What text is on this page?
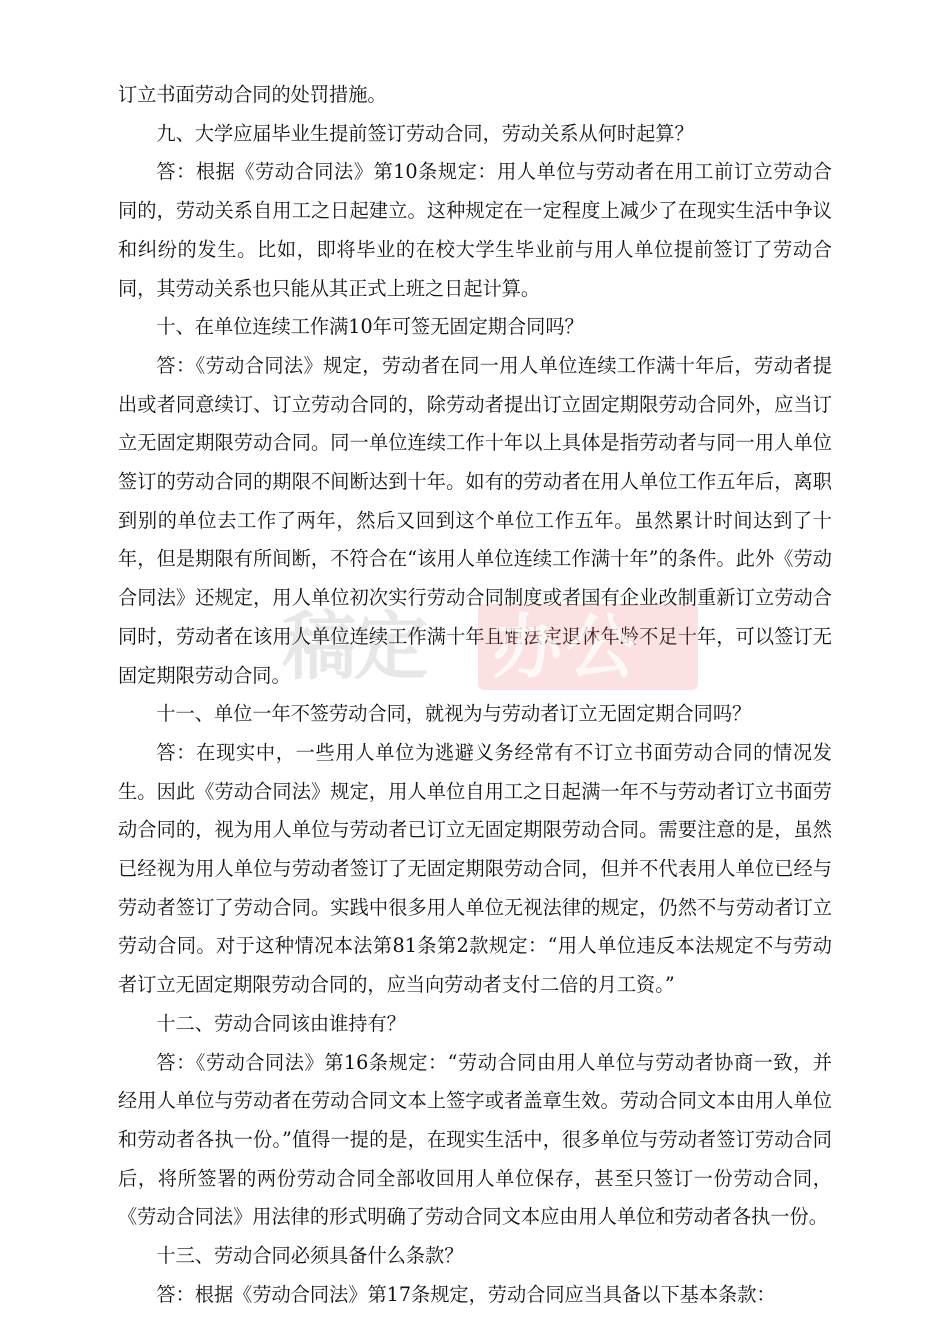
订立书面劳动合同的处罚措施。

九、大学应届毕业生提前签订劳动合同，劳动关系从何时起算？

答：根据《劳动合同法》第10条规定：用人单位与劳动者在用工前订立劳动合同的，劳动关系自用工之日起建立。这种规定在一定程度上减少了在现实生活中争议和纠纷的发生。比如，即将毕业的在校大学生毕业前与用人单位提前签订了劳动合同，其劳动关系也只能从其正式上班之日起计算。

十、在单位连续工作满10年可签无固定期合同吗？

答：《劳动合同法》规定，劳动者在同一用人单位连续工作满十年后，劳动者提出或者同意续订、订立劳动合同的，除劳动者提出订立固定期限劳动合同外，应当订立无固定期限劳动合同。同一单位连续工作十年以上具体是指劳动者与同一用人单位签订的劳动合同的期限不间断达到十年。如有的劳动者在用人单位工作五年后，离职到别的单位去工作了两年，然后又回到这个单位工作五年。虽然累计时间达到了十年，但是期限有所间断，不符合在“该用人单位连续工作满十年”的条件。此外《劳动合同法》还规定，用人单位初次实行劳动合同制度或者国有企业改制重新订立劳动合同时，劳动者在该用人单位连续工作满十年且距法定退休年龄不足十年，可以签订无固定期限劳动合同。

十一、单位一年不签劳动合同，就视为与劳动者订立无固定期合同吗？

答：在现实中，一些用人单位为逃避义务经常有不订立书面劳动合同的情况发生。因此《劳动合同法》规定，用人单位自用工之日起满一年不与劳动者订立书面劳动合同的，视为用人单位与劳动者已订立无固定期限劳动合同。需要注意的是，虽然已经视为用人单位与劳动者签订了无固定期限劳动合同，但并不代表用人单位已经与劳动者签订了劳动合同。实践中很多用人单位无视法律的规定，仍然不与劳动者订立劳动合同。对于这种情况本法第81条第2款规定：“用人单位违反本法规定不与劳动者订立无固定期限劳动合同的，应当向劳动者支付二倍的月工资。”

十二、劳动合同该由谁持有？

答：《劳动合同法》第16条规定：“劳动合同由用人单位与劳动者协商一致，并经用人单位与劳动者在劳动合同文本上签字或者盖章生效。劳动合同文本由用人单位和劳动者各执一份。”值得一提的是，在现实生活中，很多单位与劳动者签订劳动合同后，将所签署的两份劳动合同全部收回用人单位保存，甚至只签订一份劳动合同，《劳动合同法》用法律的形式明确了劳动合同文本应由用人单位和劳动者各执一份。

十三、劳动合同必须具备什么条款？

答：根据《劳动合同法》第17条规定，劳动合同应当具备以下基本条款：

办公
